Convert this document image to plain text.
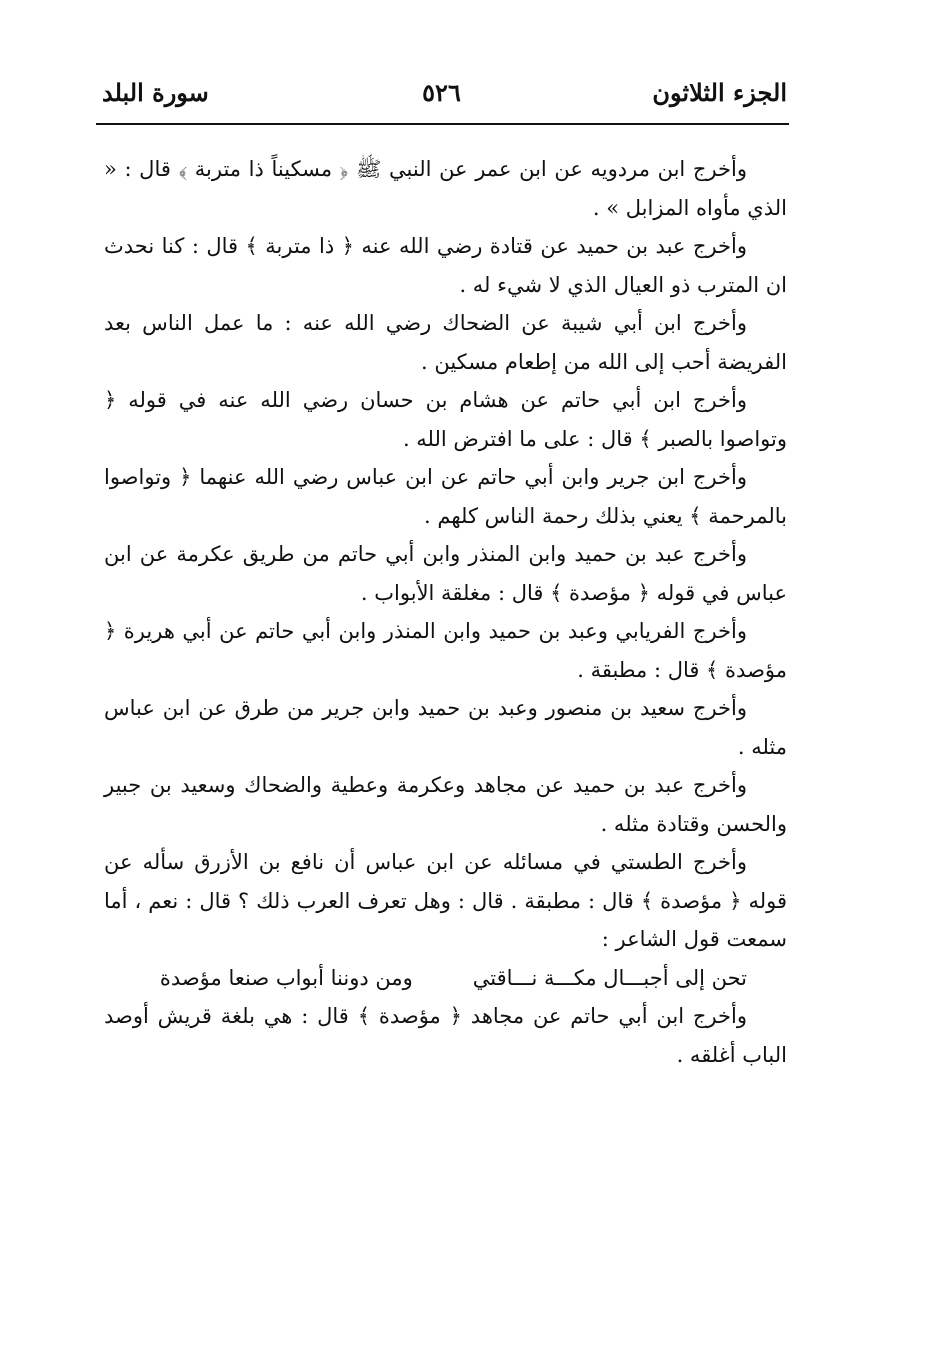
الجزء الثلاثون
٥٢٦
سورة البلد

وأخرج ابن مردويه عن ابن عمر عن النبي ﷺ ﴿ مسكيناً ذا متربة ﴾ قال : « الذي مأواه المزابل » .

وأخرج عبد بن حميد عن قتادة رضي الله عنه ﴿ ذا متربة ﴾ قال : كنا نحدث ان المترب ذو العيال الذي لا شيء له .

وأخرج ابن أبي شيبة عن الضحاك رضي الله عنه : ما عمل الناس بعد الفريضة أحب إلى الله من إطعام مسكين .

وأخرج ابن أبي حاتم عن هشام بن حسان رضي الله عنه في قوله ﴿ وتواصوا بالصبر ﴾ قال : على ما افترض الله .

وأخرج ابن جرير وابن أبي حاتم عن ابن عباس رضي الله عنهما ﴿ وتواصوا بالمرحمة ﴾ يعني بذلك رحمة الناس كلهم .

وأخرج عبد بن حميد وابن المنذر وابن أبي حاتم من طريق عكرمة عن ابن عباس في قوله ﴿ مؤصدة ﴾ قال : مغلقة الأبواب .

وأخرج الفريابي وعبد بن حميد وابن المنذر وابن أبي حاتم عن أبي هريرة ﴿ مؤصدة ﴾ قال : مطبقة .

وأخرج سعيد بن منصور وعبد بن حميد وابن جرير من طرق عن ابن عباس مثله .

وأخرج عبد بن حميد عن مجاهد وعكرمة وعطية والضحاك وسعيد بن جبير والحسن وقتادة مثله .

وأخرج الطستي في مسائله عن ابن عباس أن نافع بن الأزرق سأله عن قوله ﴿ مؤصدة ﴾ قال : مطبقة . قال : وهل تعرف العرب ذلك ؟ قال : نعم ، أما سمعت قول الشاعر :

تحن إلى أجبـــال مكـــة نـــاقتي
ومن دوننا أبواب صنعا مؤصدة

وأخرج ابن أبي حاتم عن مجاهد ﴿ مؤصدة ﴾ قال : هي بلغة قريش أوصد الباب أغلقه .
